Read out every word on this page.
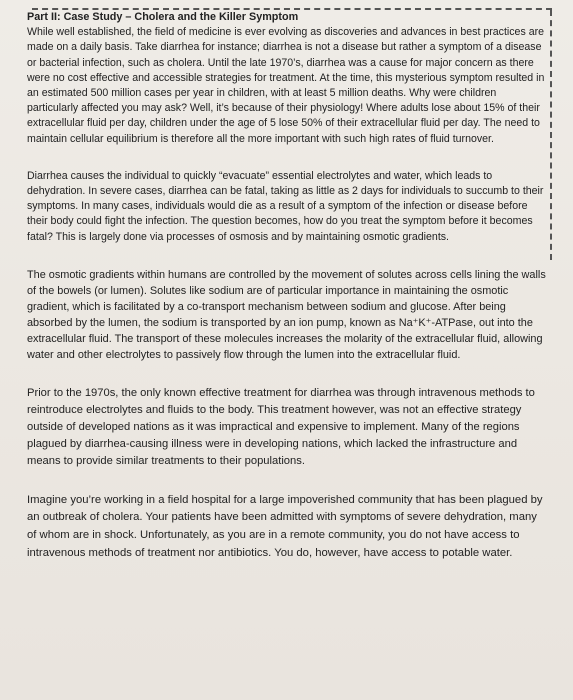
Part II: Case Study – Cholera and the Killer Symptom

While well established, the field of medicine is ever evolving as discoveries and advances in best practices are made on a daily basis. Take diarrhea for instance; diarrhea is not a disease but rather a symptom of a disease or bacterial infection, such as cholera. Until the late 1970’s, diarrhea was a cause for major concern as there were no cost effective and accessible strategies for treatment. At the time, this mysterious symptom resulted in an estimated 500 million cases per year in children, with at least 5 million deaths. Why were children particularly affected you may ask? Well, it’s because of their physiology! Where adults lose about 15% of their extracellular fluid per day, children under the age of 5 lose 50% of their extracellular fluid per day. The need to maintain cellular equilibrium is therefore all the more important with such high rates of fluid turnover.

Diarrhea causes the individual to quickly “evacuate” essential electrolytes and water, which leads to dehydration. In severe cases, diarrhea can be fatal, taking as little as 2 days for individuals to succumb to their symptoms. In many cases, individuals would die as a result of a symptom of the infection or disease before their body could fight the infection. The question becomes, how do you treat the symptom before it becomes fatal? This is largely done via processes of osmosis and by maintaining osmotic gradients.

The osmotic gradients within humans are controlled by the movement of solutes across cells lining the walls of the bowels (or lumen). Solutes like sodium are of particular importance in maintaining the osmotic gradient, which is facilitated by a co-transport mechanism between sodium and glucose. After being absorbed by the lumen, the sodium is transported by an ion pump, known as Na⁺K⁺-ATPase, out into the extracellular fluid. The transport of these molecules increases the molarity of the extracellular fluid, allowing water and other electrolytes to passively flow through the lumen into the extracellular fluid.

Prior to the 1970s, the only known effective treatment for diarrhea was through intravenous methods to reintroduce electrolytes and fluids to the body. This treatment however, was not an effective strategy outside of developed nations as it was impractical and expensive to implement. Many of the regions plagued by diarrhea-causing illness were in developing nations, which lacked the infrastructure and means to provide similar treatments to their populations.

Imagine you’re working in a field hospital for a large impoverished community that has been plagued by an outbreak of cholera. Your patients have been admitted with symptoms of severe dehydration, many of whom are in shock. Unfortunately, as you are in a remote community, you do not have access to intravenous methods of treatment nor antibiotics. You do, however, have access to potable water.
